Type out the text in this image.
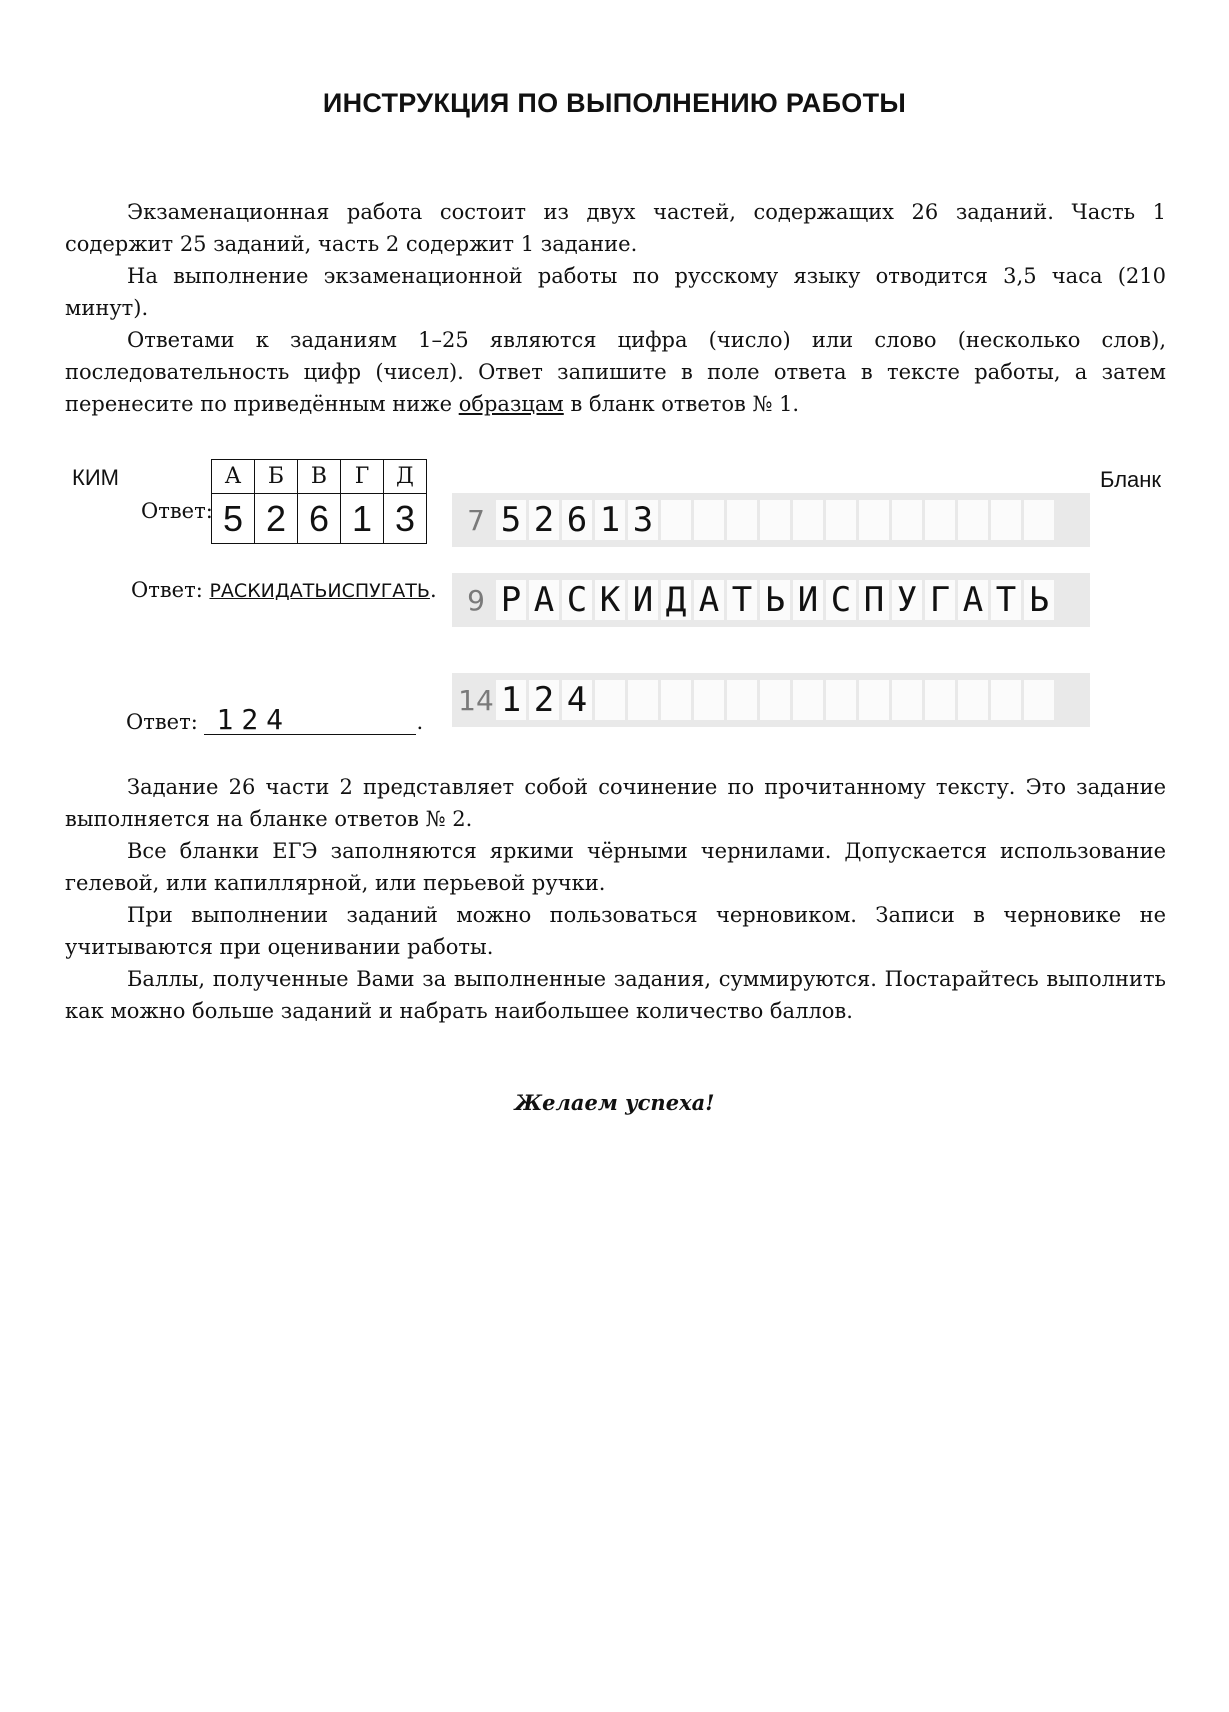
ИНСТРУКЦИЯ ПО ВЫПОЛНЕНИЮ РАБОТЫ

Экзаменационная работа состоит из двух частей, содержащих 26 заданий. Часть 1 содержит 25 заданий, часть 2 содержит 1 задание.

На выполнение экзаменационной работы по русскому языку отводится 3,5 часа (210 минут).

Ответами к заданиям 1–25 являются цифра (число) или слово (несколько слов), последовательность цифр (чисел). Ответ запишите в поле ответа в тексте работы, а затем перенесите по приведённым ниже образцам в бланк ответов № 1.

КИМ	Бланк
Ответ:
А	Б	В	Г	Д
5	2	6	1	3	7 5 2 6 1 3
Ответ: РАСКИДАТЬИСПУГАТЬ.	9 Р А С К И Д А Т Ь И С П У Г А Т Ь
Ответ: 124	.
14 1 2 4

Задание 26 части 2 представляет собой сочинение по прочитанному тексту. Это задание выполняется на бланке ответов № 2.

Все бланки ЕГЭ заполняются яркими чёрными чернилами. Допускается использование гелевой, или капиллярной, или перьевой ручки.

При выполнении заданий можно пользоваться черновиком. Записи в черновике не учитываются при оценивании работы.

Баллы, полученные Вами за выполненные задания, суммируются. Постарайтесь выполнить как можно больше заданий и набрать наибольшее количество баллов.

Желаем успеха!
